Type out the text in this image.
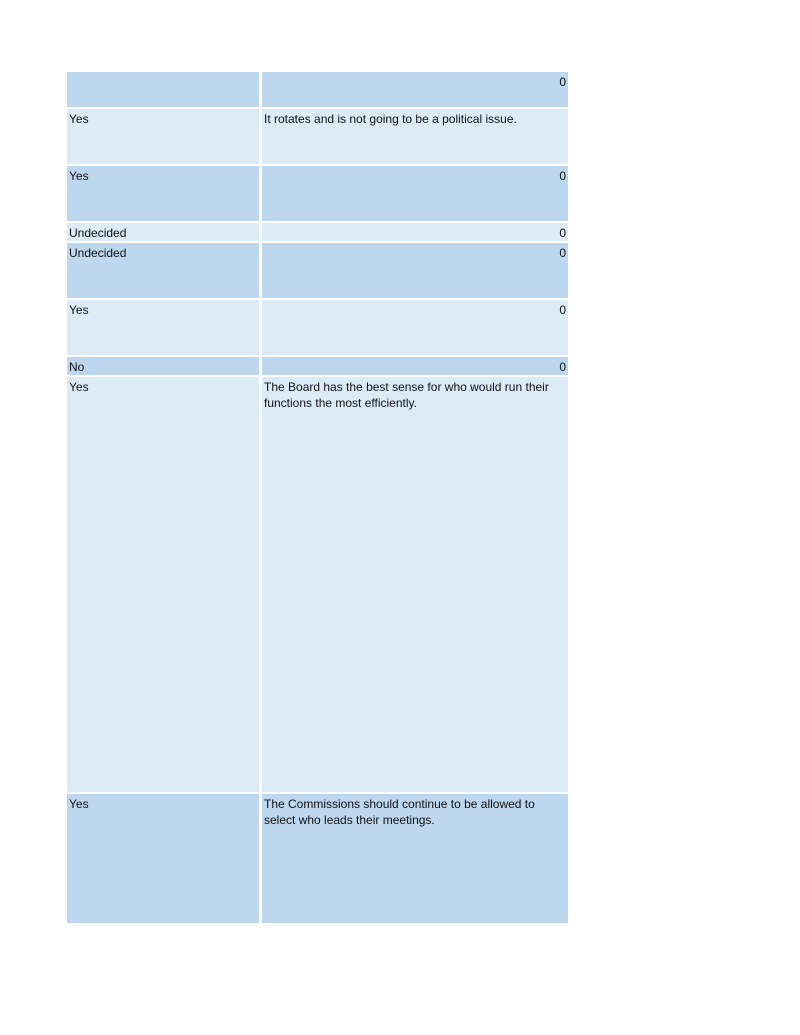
	0
Yes	It rotates and is not going to be a political issue.
Yes	0
Undecided	0
Undecided	0
Yes	0
No	0
Yes	The Board has the best sense for who would run their functions the most efficiently.
Yes	The Commissions should continue to be allowed to select who leads their meetings.
